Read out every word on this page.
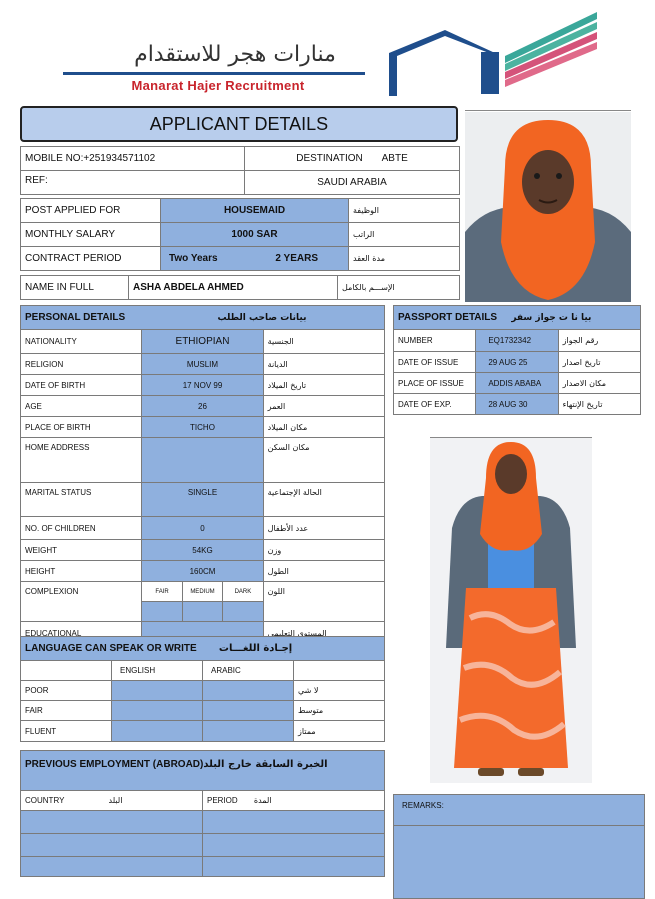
منارات هجر للاستقدام
Manarat Hajer Recruitment
APPLICANT DETAILS
MOBILE NO:+251934571102	DESTINATION ABTE
REF:	SAUDI ARABIA
POST APPLIED FOR	HOUSEMAID	الوظيفة
MONTHLY SALARY	1000 SAR	الراتب
CONTRACT PERIOD	Two Years 2 YEARS	مدة العقد
NAME IN FULL	ASHA ABDELA AHMED	الإســـم بالكامل
PERSONAL DETAILS بيانات صاحب الطلب		
NATIONALITY	ETHIOPIAN	الجنسية
RELIGION	MUSLIM	الديانة
DATE OF BIRTH	17 NOV 99	تاريخ الميلاد
AGE	26	العمر
PLACE OF BIRTH	TICHO	مكان الميلاد
HOME ADDRESS		مكان السكن
MARITAL STATUS	SINGLE	الحالة الإجتماعية
NO. OF CHILDREN	0	عدد الأطفال
WEIGHT	54KG	وزن
HEIGHT	160CM	الطول
COMPLEXION	FAIR MEDIUM DARK	اللون
EDUCATIONAL		المستوى التعليمي
LANGUAGE CAN SPEAK OR WRITE إجـادة اللغـــات			
	ENGLISH	ARABIC	
POOR			لا شي
FAIR			متوسط
FLUENT			ممتاز
PREVIOUS EMPLOYMENT (ABROAD)الخبرة السابقة خارج البلد	
COUNTRY البلد	PERIOD المدة

PASSPORT DETAILS بيا نا ت جواز سفر		
NUMBER	EQ1732342	رقم الجواز
DATE OF ISSUE	29 AUG 25	تاريخ اصدار
PLACE OF ISSUE	ADDIS ABABA	مكان الاصدار
DATE OF EXP.	28 AUG 30	تاريخ الإنتهاء
REMARKS:
